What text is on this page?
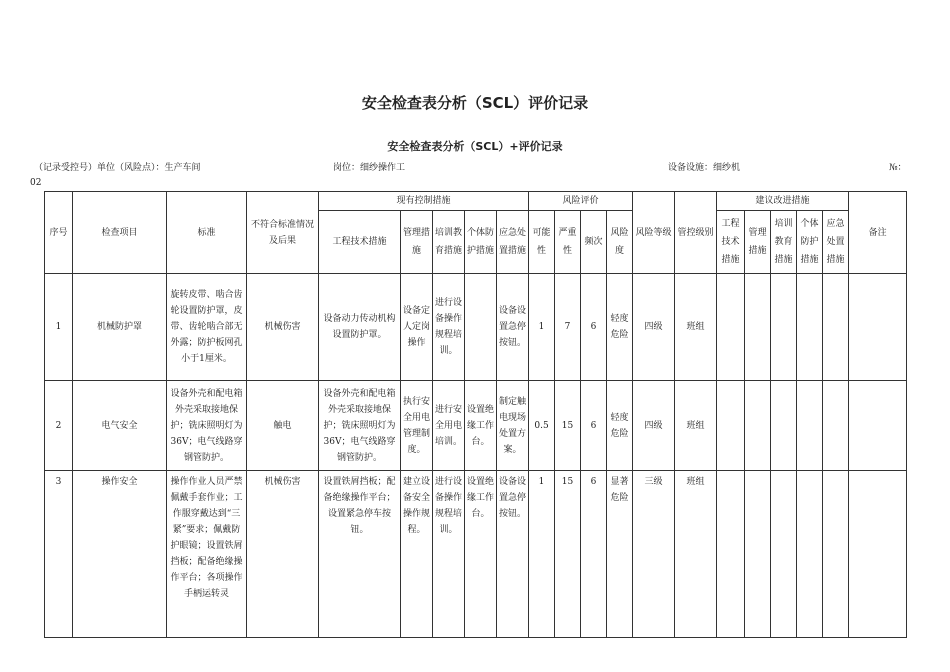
安全检查表分析（SCL）评价记录
安全检查表分析（SCL）+评价记录
（记录受控号）单位（风险点）：生产车间	岗位：细纱操作工	设备设施：细纱机	№：
02
序号	检查项目	标准	不符合标准情况及后果	现有控制措施					风险评价				风险等级	管控级别	建议改进措施					备注
				工程技术措施	管理措施	培训教育措施	个体防护措施	应急处置措施	可能性	严重性	频次	风险度			工程技术措施	管理措施	培训教育措施	个体防护措施	应急处置措施	
1	机械防护罩	旋转皮带、啮合齿轮设置防护罩，皮带、齿轮啮合部无外露；防护板网孔小于1厘米。	机械伤害	设备动力传动机构设置防护罩。	设备定人定岗操作	进行设备操作规程培训。		设备设置急停按钮。	1	7	6	轻度危险	四级	班组						
2	电气安全	设备外壳和配电箱外壳采取接地保护；铣床照明灯为36V；电气线路穿钢管防护。	触电	设备外壳和配电箱外壳采取接地保护；铣床照明灯为36V；电气线路穿钢管防护。	执行安全用电管理制度。	进行安全用电培训。	设置绝缘工作台。	制定触电现场处置方案。	0.5	15	6	轻度危险	四级	班组						
3	操作安全	操作作业人员严禁佩戴手套作业；工作服穿戴达到“三紧”要求；佩戴防护眼镜；设置铁屑挡板；配备绝缘操作平台；各项操作手柄运转灵	机械伤害	设置铁屑挡板；配备绝缘操作平台；设置紧急停车按钮。	建立设备安全操作规程。	进行设备操作规程培训。	设置绝缘工作台。	设备设置急停按钮。	1	15	6	显著危险	三级	班组						
